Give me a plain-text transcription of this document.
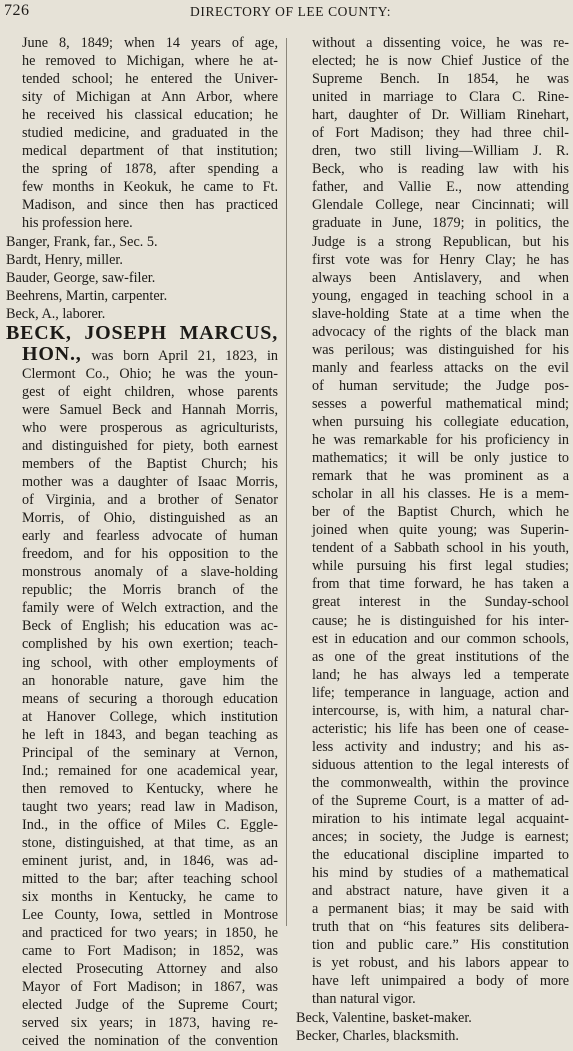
726	DIRECTORY OF LEE COUNTY:
June 8, 1849; when 14 years of age,
he removed to Michigan, where he at-
tended school; he entered the Univer-
sity of Michigan at Ann Arbor, where
he received his classical education; he
studied medicine, and graduated in the
medical department of that institution;
the spring of 1878, after spending a
few months in Keokuk, he came to Ft.
Madison, and since then has practiced
his profession here.
Banger, Frank, far., Sec. 5.
Bardt, Henry, miller.
Bauder, George, saw-filer.
Beehrens, Martin, carpenter.
Beck, A., laborer.
BECK, JOSEPH MARCUS,
HON., was born April 21, 1823, in
Clermont Co., Ohio; he was the youn-
gest of eight children, whose parents
were Samuel Beck and Hannah Morris,
who were prosperous as agriculturists,
and distinguished for piety, both earnest
members of the Baptist Church; his
mother was a daughter of Isaac Morris,
of Virginia, and a brother of Senator
Morris, of Ohio, distinguished as an
early and fearless advocate of human
freedom, and for his opposition to the
monstrous anomaly of a slave-holding
republic; the Morris branch of the
family were of Welch extraction, and the
Beck of English; his education was ac-
complished by his own exertion; teach-
ing school, with other employments of
an honorable nature, gave him the
means of securing a thorough education
at Hanover College, which institution
he left in 1843, and began teaching as
Principal of the seminary at Vernon,
Ind.; remained for one academical year,
then removed to Kentucky, where he
taught two years; read law in Madison,
Ind., in the office of Miles C. Eggle-
stone, distinguished, at that time, as an
eminent jurist, and, in 1846, was ad-
mitted to the bar; after teaching school
six months in Kentucky, he came to
Lee County, Iowa, settled in Montrose
and practiced for two years; in 1850, he
came to Fort Madison; in 1852, was
elected Prosecuting Attorney and also
Mayor of Fort Madison; in 1867, was
elected Judge of the Supreme Court;
served six years; in 1873, having re-
ceived the nomination of the convention
without a dissenting voice, he was re-
elected; he is now Chief Justice of the
Supreme Bench. In 1854, he was
united in marriage to Clara C. Rine-
hart, daughter of Dr. William Rinehart,
of Fort Madison; they had three chil-
dren, two still living—William J. R.
Beck, who is reading law with his
father, and Vallie E., now attending
Glendale College, near Cincinnati; will
graduate in June, 1879; in politics, the
Judge is a strong Republican, but his
first vote was for Henry Clay; he has
always been Antislavery, and when
young, engaged in teaching school in a
slave-holding State at a time when the
advocacy of the rights of the black man
was perilous; was distinguished for his
manly and fearless attacks on the evil
of human servitude; the Judge pos-
sesses a powerful mathematical mind;
when pursuing his collegiate education,
he was remarkable for his proficiency in
mathematics; it will be only justice to
remark that he was prominent as a
scholar in all his classes. He is a mem-
ber of the Baptist Church, which he
joined when quite young; was Superin-
tendent of a Sabbath school in his youth,
while pursuing his first legal studies;
from that time forward, he has taken a
great interest in the Sunday-school
cause; he is distinguished for his inter-
est in education and our common schools,
as one of the great institutions of the
land; he has always led a temperate
life; temperance in language, action and
intercourse, is, with him, a natural char-
acteristic; his life has been one of cease-
less activity and industry; and his as-
siduous attention to the legal interests of
the commonwealth, within the province
of the Supreme Court, is a matter of ad-
miration to his intimate legal acquaint-
ances; in society, the Judge is earnest;
the educational discipline imparted to
his mind by studies of a mathematical
and abstract nature, have given it a
a permanent bias; it may be said with
truth that on “his features sits delibera-
tion and public care.” His constitution
is yet robust, and his labors appear to
have left unimpaired a body of more
than natural vigor.
Beck, Valentine, basket-maker.
Becker, Charles, blacksmith.
